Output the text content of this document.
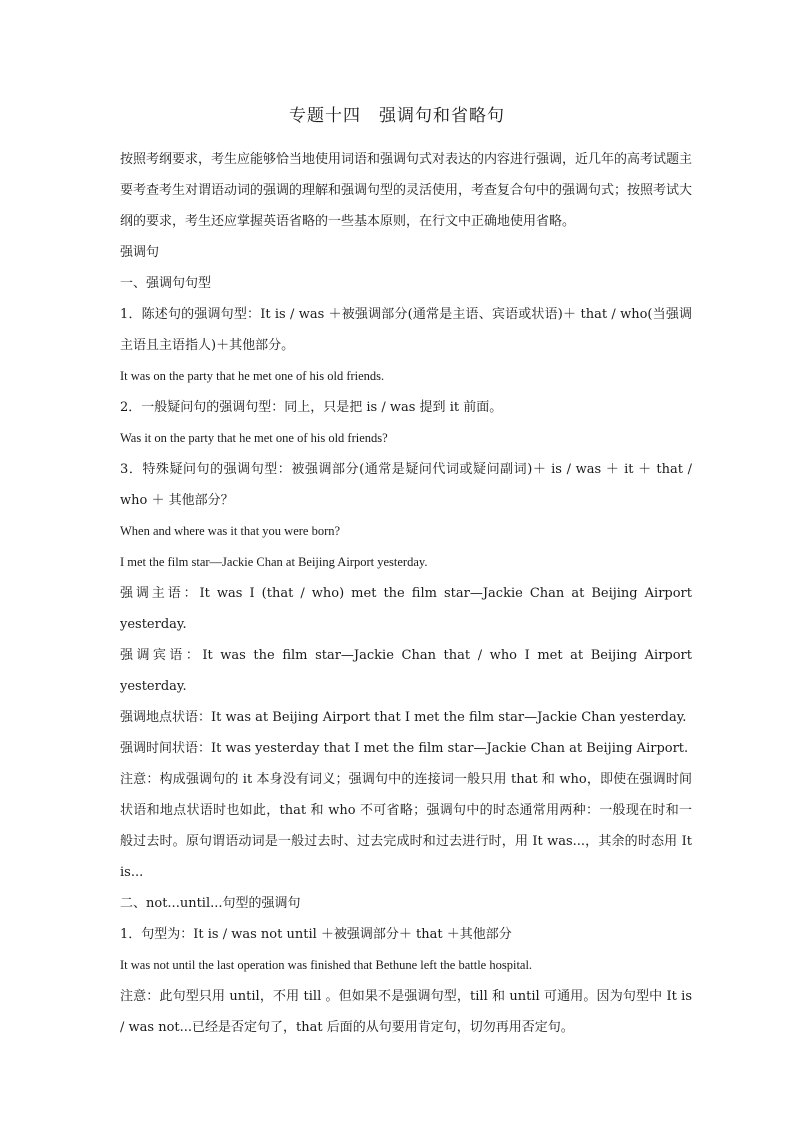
专题十四　强调句和省略句

按照考纲要求，考生应能够恰当地使用词语和强调句式对表达的内容进行强调，近几年的高考试题主要考查考生对谓语动词的强调的理解和强调句型的灵活使用，考查复合句中的强调句式；按照考试大纲的要求，考生还应掌握英语省略的一些基本原则，在行文中正确地使用省略。

强调句

一、强调句句型

1．陈述句的强调句型：It is / was ＋被强调部分(通常是主语、宾语或状语)＋ that / who(当强调主语且主语指人)＋其他部分。

It was on the party that he met one of his old friends.

2．一般疑问句的强调句型：同上，只是把 is / was 提到 it 前面。

Was it on the party that he met one of his old friends?

3．特殊疑问句的强调句型：被强调部分(通常是疑问代词或疑问副词)＋ is / was ＋ it ＋ that / who ＋ 其他部分？

When and where was it that you were born?

I met the film star—Jackie Chan at Beijing Airport yesterday.

强调主语：It was I (that / who) met the film star—Jackie Chan at Beijing Airport yesterday.

强调宾语：It was the film star—Jackie Chan that / who I met at Beijing Airport yesterday.

强调地点状语：It was at Beijing Airport that I met the film star—Jackie Chan yesterday.

强调时间状语：It was yesterday that I met the film star—Jackie Chan at Beijing Airport.

注意：构成强调句的 it 本身没有词义；强调句中的连接词一般只用 that 和 who，即使在强调时间状语和地点状语时也如此，that 和 who 不可省略；强调句中的时态通常用两种：一般现在时和一般过去时。原句谓语动词是一般过去时、过去完成时和过去进行时，用 It was...，其余的时态用 It is...

二、not...until...句型的强调句

1．句型为：It is / was not until ＋被强调部分＋ that ＋其他部分

It was not until the last operation was finished that Bethune left the battle hospital.

注意：此句型只用 until，不用 till 。但如果不是强调句型，till 和 until 可通用。因为句型中 It is / was not...已经是否定句了，that 后面的从句要用肯定句，切勿再用否定句。
